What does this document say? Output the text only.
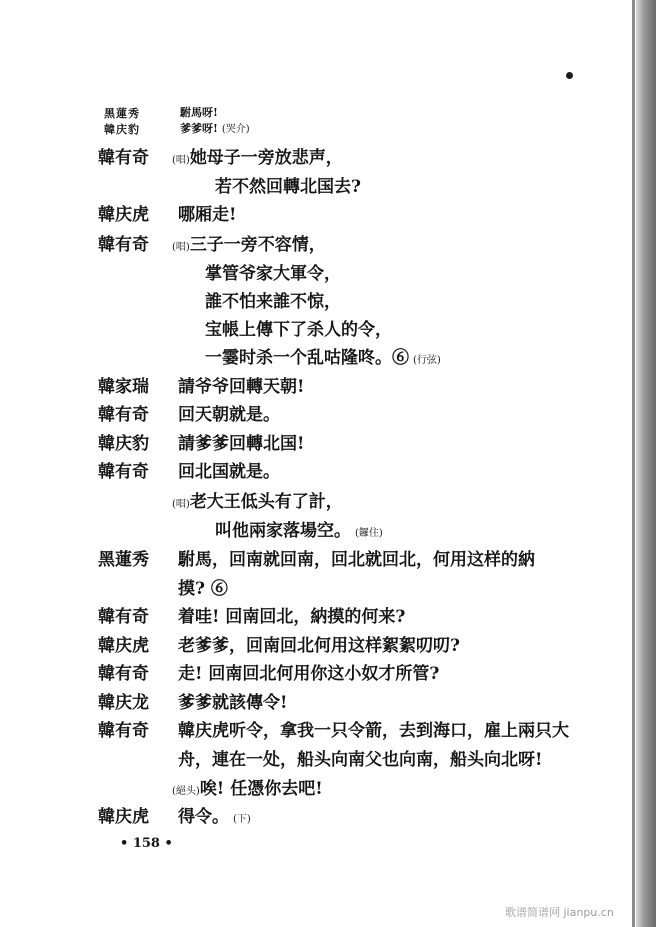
黑蓮秀	駙馬呀!
韓庆豹	爹爹呀! (哭介)
韓有奇 (唱)她母子一旁放悲声，
若不然回轉北国去?
韓庆虎 哪厢走!
韓有奇 (唱)三子一旁不容情，
掌管爷家大軍令，
誰不怕来誰不惊，
宝帳上傳下了杀人的令，
一霎时杀一个乱咕隆咚。⑥ (行弦)
韓家瑞 請爷爷回轉天朝!
韓有奇 回天朝就是。
韓庆豹 請爹爹回轉北国!
韓有奇 回北国就是。
(唱)老大王低头有了計，
叫他兩家落場空。 (鑼住)
黑蓮秀 駙馬，回南就回南，回北就回北，何用这样的納
摸? ⑥
韓有奇 着哇! 回南回北，納摸的何来?
韓庆虎 老爹爹，回南回北何用这样絮絮叨叨?
韓有奇 走! 回南回北何用你这小奴才所管?
韓庆龙 爹爹就該傳令!
韓有奇 韓庆虎听令，拿我一只令箭，去到海口，雇上兩只大
舟，連在一处，船头向南父也向南，船头向北呀!
(絕头)唉! 任憑你去吧!
韓庆虎 得令。 (下)
• 158 •
歌谱简谱网 jianpu.cn
